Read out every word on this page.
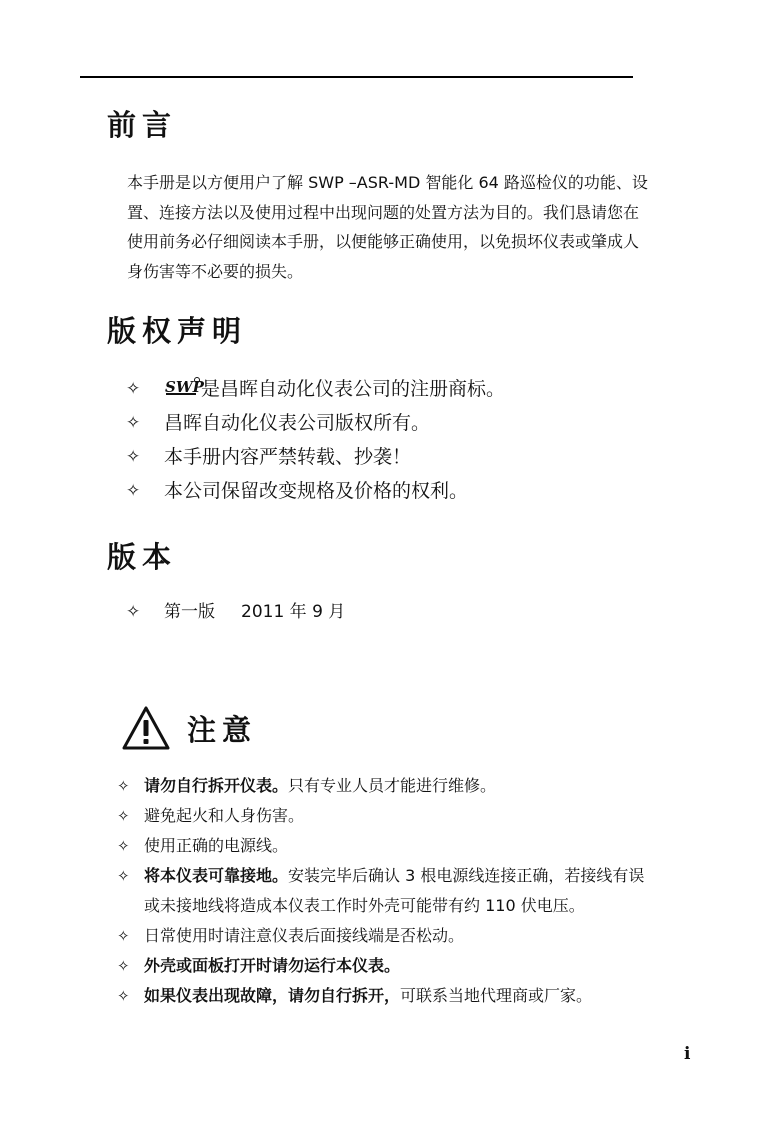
前言
本手册是以方便用户了解 SWP –ASR-MD 智能化 64 路巡检仪的功能、设
置、连接方法以及使用过程中出现问题的处置方法为目的。我们恳请您在
使用前务必仔细阅读本手册，以便能够正确使用，以免损坏仪表或肇成人
身伤害等不必要的损失。
版权声明
✧ SWP
是昌晖自动化仪表公司的注册商标。
✧ 昌晖自动化仪表公司版权所有。
✧ 本手册内容严禁转载、抄袭！
✧ 本公司保留改变规格及价格的权利。
版本
✧ 第一版 2011 年 9 月
注意
✧ 请勿自行拆开仪表。只有专业人员才能进行维修。
✧ 避免起火和人身伤害。
✧ 使用正确的电源线。
✧ 将本仪表可靠接地。安装完毕后确认 3 根电源线连接正确，若接线有误
或未接地线将造成本仪表工作时外壳可能带有约 110 伏电压。
✧ 日常使用时请注意仪表后面接线端是否松动。
✧ 外壳或面板打开时请勿运行本仪表。
✧ 如果仪表出现故障，请勿自行拆开，可联系当地代理商或厂家。
i
